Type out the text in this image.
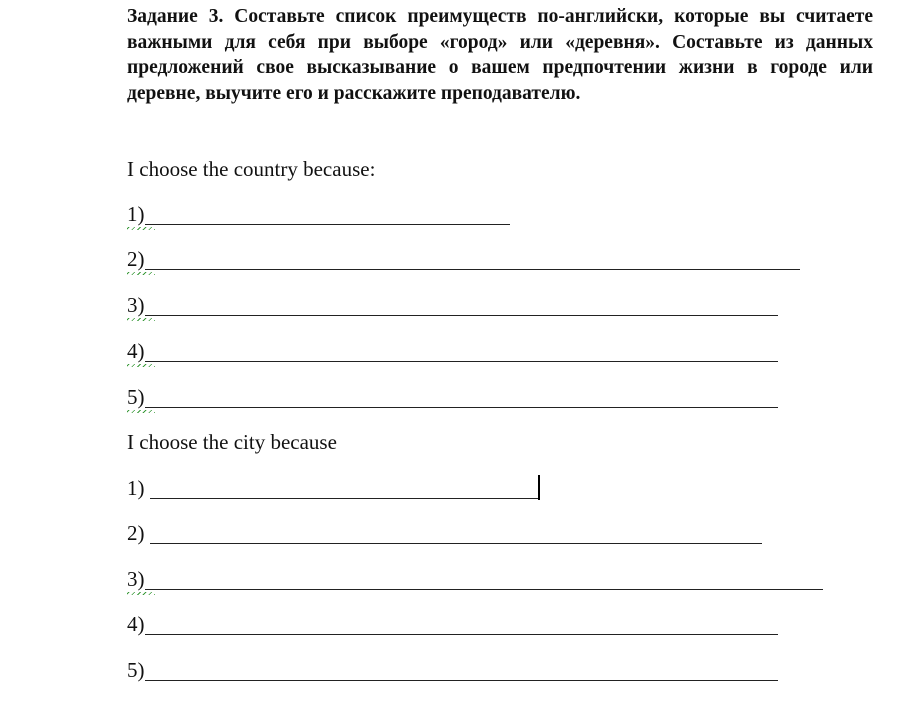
Задание 3. Составьте список преимуществ по-английски, которые вы считаете важными для себя при выборе «город» или «деревня». Составьте из данных предложений свое высказывание о вашем предпочтении жизни в городе или деревне, выучите его и расскажите преподавателю.

I choose the country because:
1)
2)
3)
4)
5)
I choose the city because
1)
2)
3)
4)
5)
